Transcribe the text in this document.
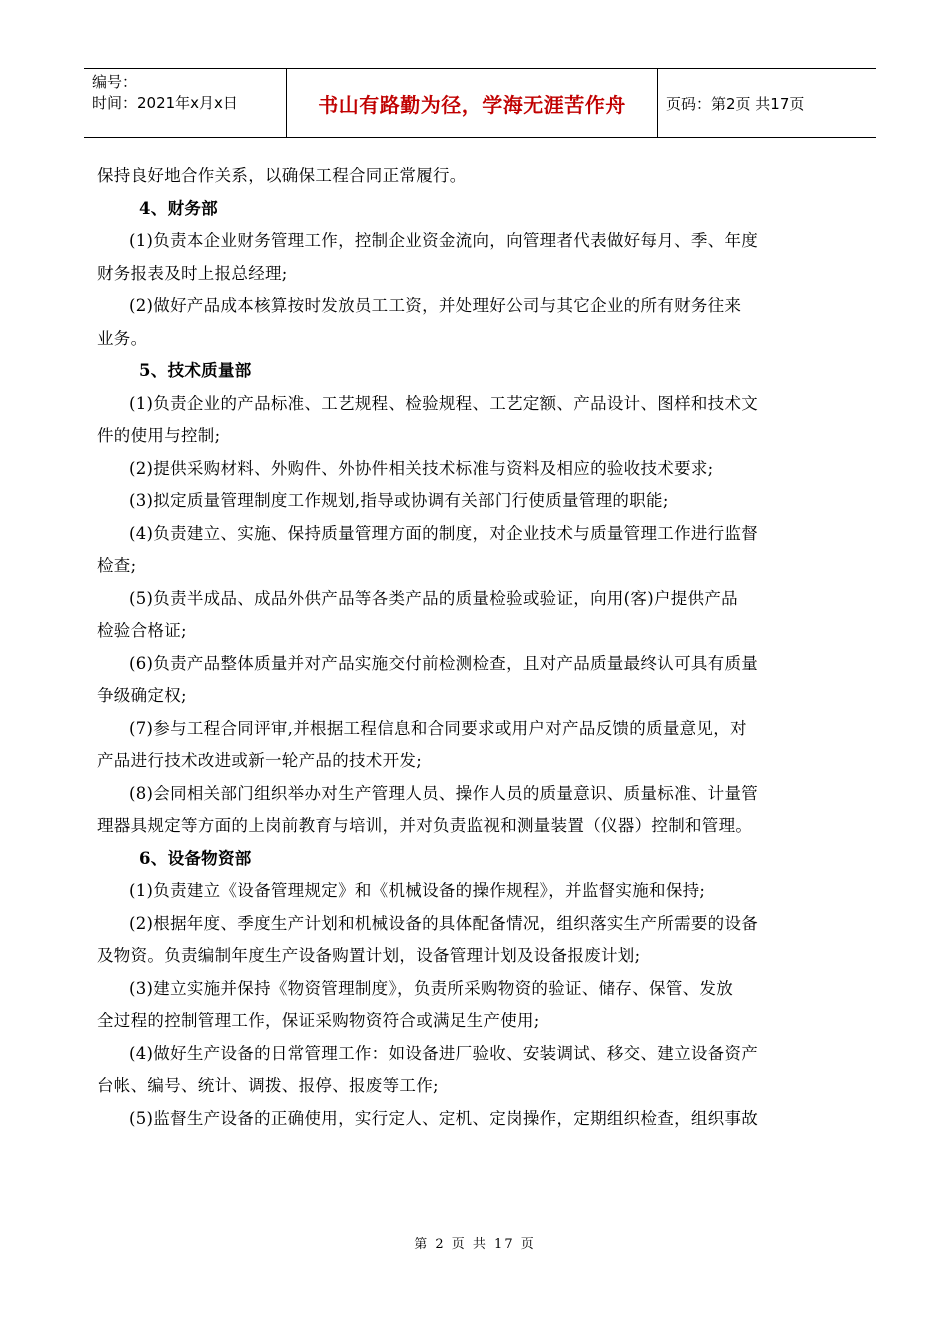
编号：
时间：2021年x月x日	书山有路勤为径，学海无涯苦作舟	页码：第2页 共17页

保持良好地合作关系，以确保工程合同正常履行。

4、财务部

(1)负责本企业财务管理工作，控制企业资金流向，向管理者代表做好每月、季、年度

财务报表及时上报总经理;

(2)做好产品成本核算按时发放员工工资，并处理好公司与其它企业的所有财务往来

业务。

5、技术质量部

(1)负责企业的产品标准、工艺规程、检验规程、工艺定额、产品设计、图样和技术文

件的使用与控制;

(2)提供采购材料、外购件、外协件相关技术标准与资料及相应的验收技术要求;

(3)拟定质量管理制度工作规划,指导或协调有关部门行使质量管理的职能;

(4)负责建立、实施、保持质量管理方面的制度，对企业技术与质量管理工作进行监督

检查;

(5)负责半成品、成品外供产品等各类产品的质量检验或验证，向用(客)户提供产品

检验合格证;

(6)负责产品整体质量并对产品实施交付前检测检查，且对产品质量最终认可具有质量

争级确定权;

(7)参与工程合同评审,并根据工程信息和合同要求或用户对产品反馈的质量意见，对

产品进行技术改进或新一轮产品的技术开发;

(8)会同相关部门组织举办对生产管理人员、操作人员的质量意识、质量标准、计量管

理器具规定等方面的上岗前教育与培训，并对负责监视和测量装置（仪器）控制和管理。

6、设备物资部

(1)负责建立《设备管理规定》和《机械设备的操作规程》，并监督实施和保持;

(2)根据年度、季度生产计划和机械设备的具体配备情况，组织落实生产所需要的设备

及物资。负责编制年度生产设备购置计划，设备管理计划及设备报废计划;

(3)建立实施并保持《物资管理制度》，负责所采购物资的验证、储存、保管、发放

全过程的控制管理工作，保证采购物资符合或满足生产使用;

(4)做好生产设备的日常管理工作：如设备进厂验收、安装调试、移交、建立设备资产

台帐、编号、统计、调拨、报停、报废等工作;

(5)监督生产设备的正确使用，实行定人、定机、定岗操作，定期组织检查，组织事故

第 2 页 共 17 页
